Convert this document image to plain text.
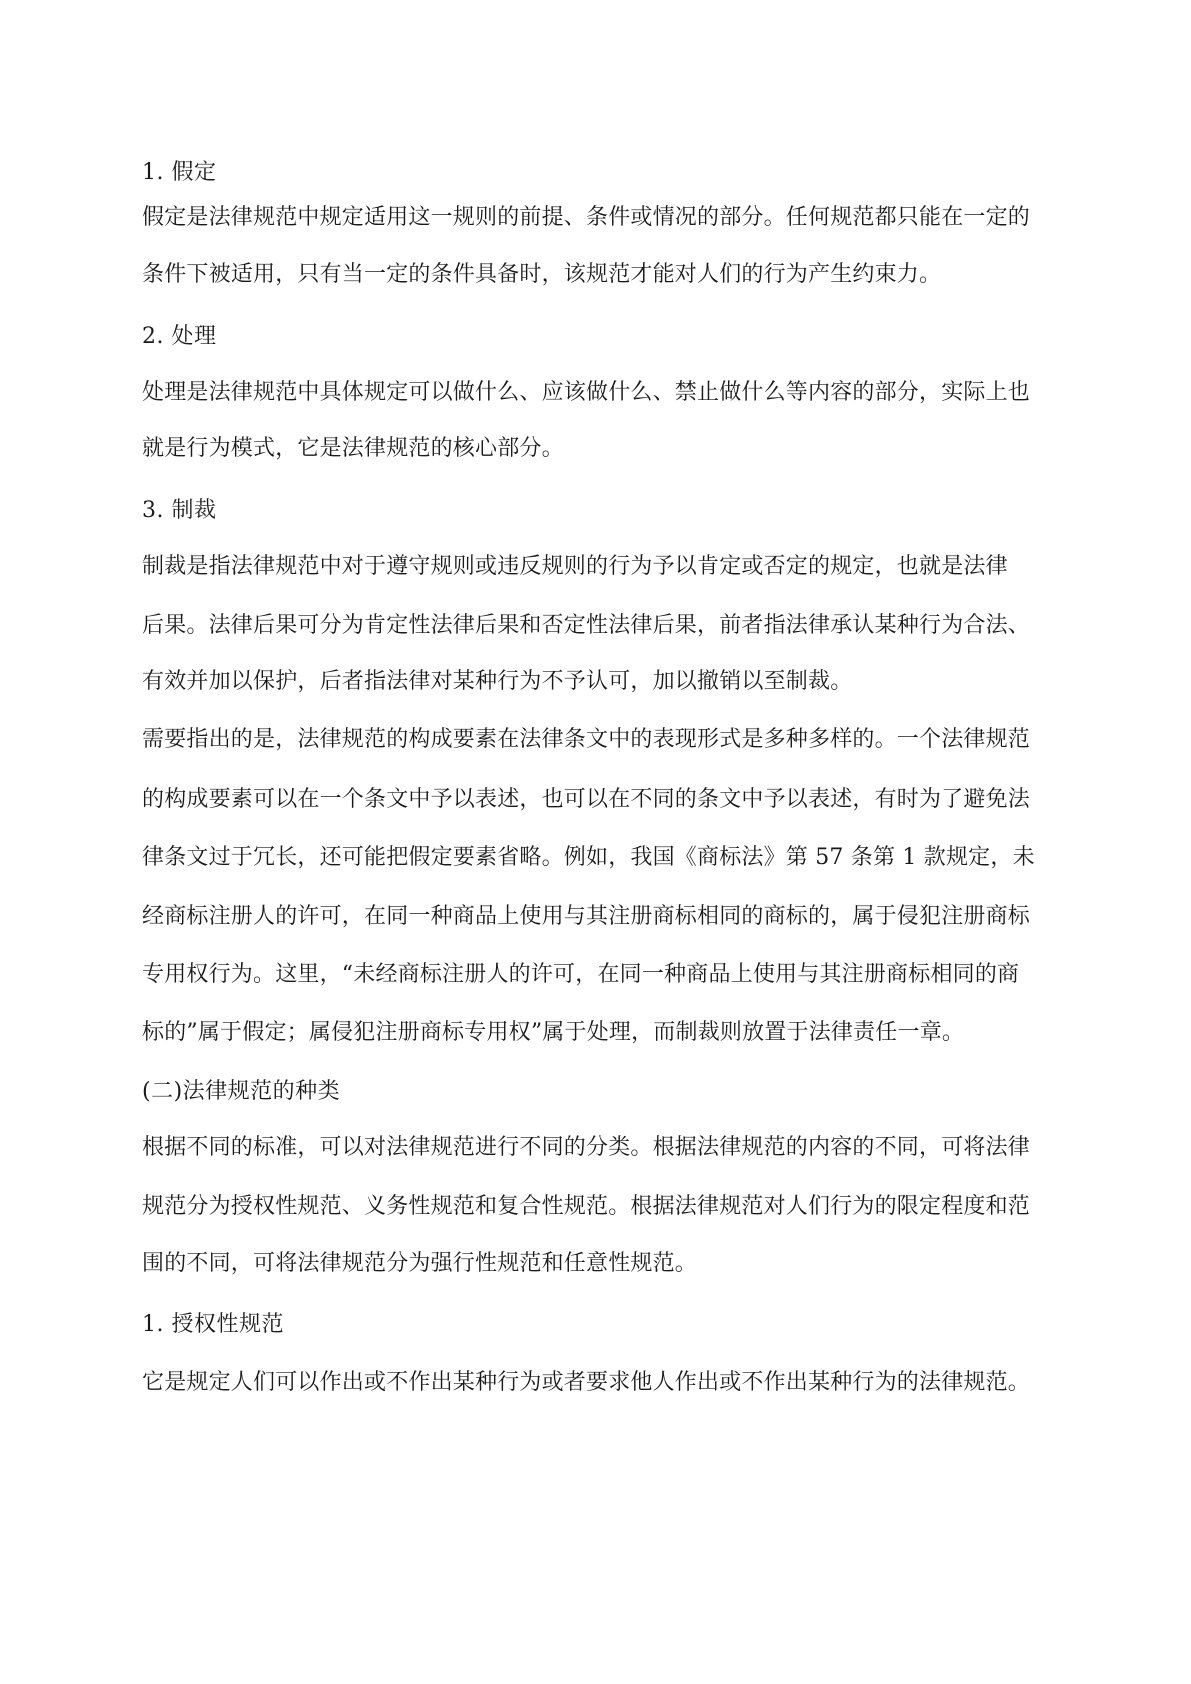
1. 假定
假定是法律规范中规定适用这一规则的前提、条件或情况的部分。任何规范都只能在一定的
条件下被适用，只有当一定的条件具备时，该规范才能对人们的行为产生约束力。
2. 处理
处理是法律规范中具体规定可以做什么、应该做什么、禁止做什么等内容的部分，实际上也
就是行为模式，它是法律规范的核心部分。
3. 制裁
制裁是指法律规范中对于遵守规则或违反规则的行为予以肯定或否定的规定，也就是法律
后果。法律后果可分为肯定性法律后果和否定性法律后果，前者指法律承认某种行为合法、
有效并加以保护，后者指法律对某种行为不予认可，加以撤销以至制裁。
需要指出的是，法律规范的构成要素在法律条文中的表现形式是多种多样的。一个法律规范
的构成要素可以在一个条文中予以表述，也可以在不同的条文中予以表述，有时为了避免法
律条文过于冗长，还可能把假定要素省略。例如，我国《商标法》第 57 条第 1 款规定，未
经商标注册人的许可，在同一种商品上使用与其注册商标相同的商标的，属于侵犯注册商标
专用权行为。这里，“未经商标注册人的许可，在同一种商品上使用与其注册商标相同的商
标的”属于假定；属侵犯注册商标专用权”属于处理，而制裁则放置于法律责任一章。
(二)法律规范的种类
根据不同的标准，可以对法律规范进行不同的分类。根据法律规范的内容的不同，可将法律
规范分为授权性规范、义务性规范和复合性规范。根据法律规范对人们行为的限定程度和范
围的不同，可将法律规范分为强行性规范和任意性规范。
1. 授权性规范
它是规定人们可以作出或不作出某种行为或者要求他人作出或不作出某种行为的法律规范。
